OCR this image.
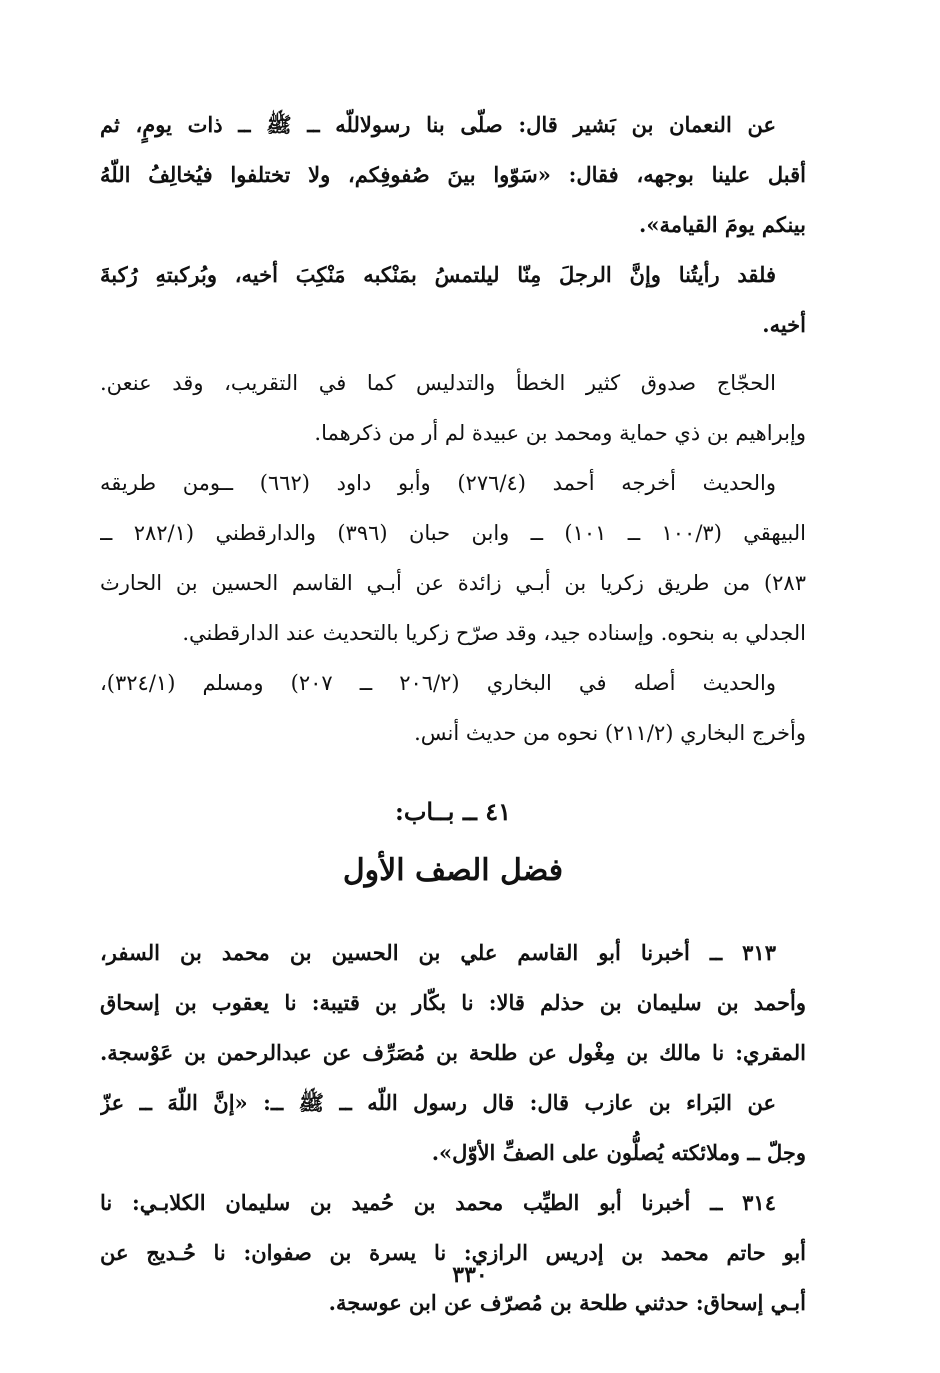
عن النعمان بن بَشير قال: صلّى بنا رسولاللّه ــ ﷺ ــ ذات يومٍ، ثم
أقبل علينا بوجهه، فقال: «سَوّوا بينَ صُفوفِكم، ولا تختلفوا فيُخالِفُ اللّهُ
بينكم يومَ القيامة».
فلقد رأيتُنا وإنَّ الرجلَ مِنّا ليلتمسُ بمَنْكبه مَنْكِبَ أخيه، وبُركبتهِ رُكبةَ
أخيه.
الحجّاج صدوق كثير الخطأ والتدليس كما في التقريب، وقد عنعن.
وإبراهيم بن ذي حماية ومحمد بن عبيدة لم أر من ذكرهما.
والحديث أخرجه أحمد (٢٧٦/٤) وأبو داود (٦٦٢) ــومن طريقه
البيهقي (١٠٠/٣ ــ ١٠١) ــ وابن حبان (٣٩٦) والدارقطني (٢٨٢/١ ــ
٢٨٣) من طريق زكريا بن أبـي زائدة عن أبـي القاسم الحسين بن الحارث
الجدلي به بنحوه. وإسناده جيد، وقد صرّح زكريا بالتحديث عند الدارقطني.
والحديث أصله في البخاري (٢٠٦/٢ ــ ٢٠٧) ومسلم (٣٢٤/١)،
وأخرج البخاري (٢١١/٢) نحوه من حديث أنس.
٤١ ــ بــاب:
فضل الصف الأول
٣١٣ ــ أخبرنا أبو القاسم علي بن الحسين بن محمد بن السفر،
وأحمد بن سليمان بن حذلم قالا: نا بكّار بن قتيبة: نا يعقوب بن إسحاق
المقري: نا مالك بن مِغْول عن طلحة بن مُصَرِّف عن عبدالرحمن بن عَوْسجة.
عن البَراء بن عازب قال: قال رسول اللّه ــ ﷺ ــ: «إنَّ اللّهَ ــ عزّ
وجلّ ــ وملائكته يُصلُّون على الصفِّ الأوّل».
٣١٤ ــ أخبرنا أبو الطيِّب محمد بن حُميد بن سليمان الكلابـي: نا
أبو حاتم محمد بن إدريس الرازي: نا يسرة بن صفوان: نا حُـديج عن
أبـي إسحاق: حدثني طلحة بن مُصرّف عن ابن عوسجة.
٣٣٠
